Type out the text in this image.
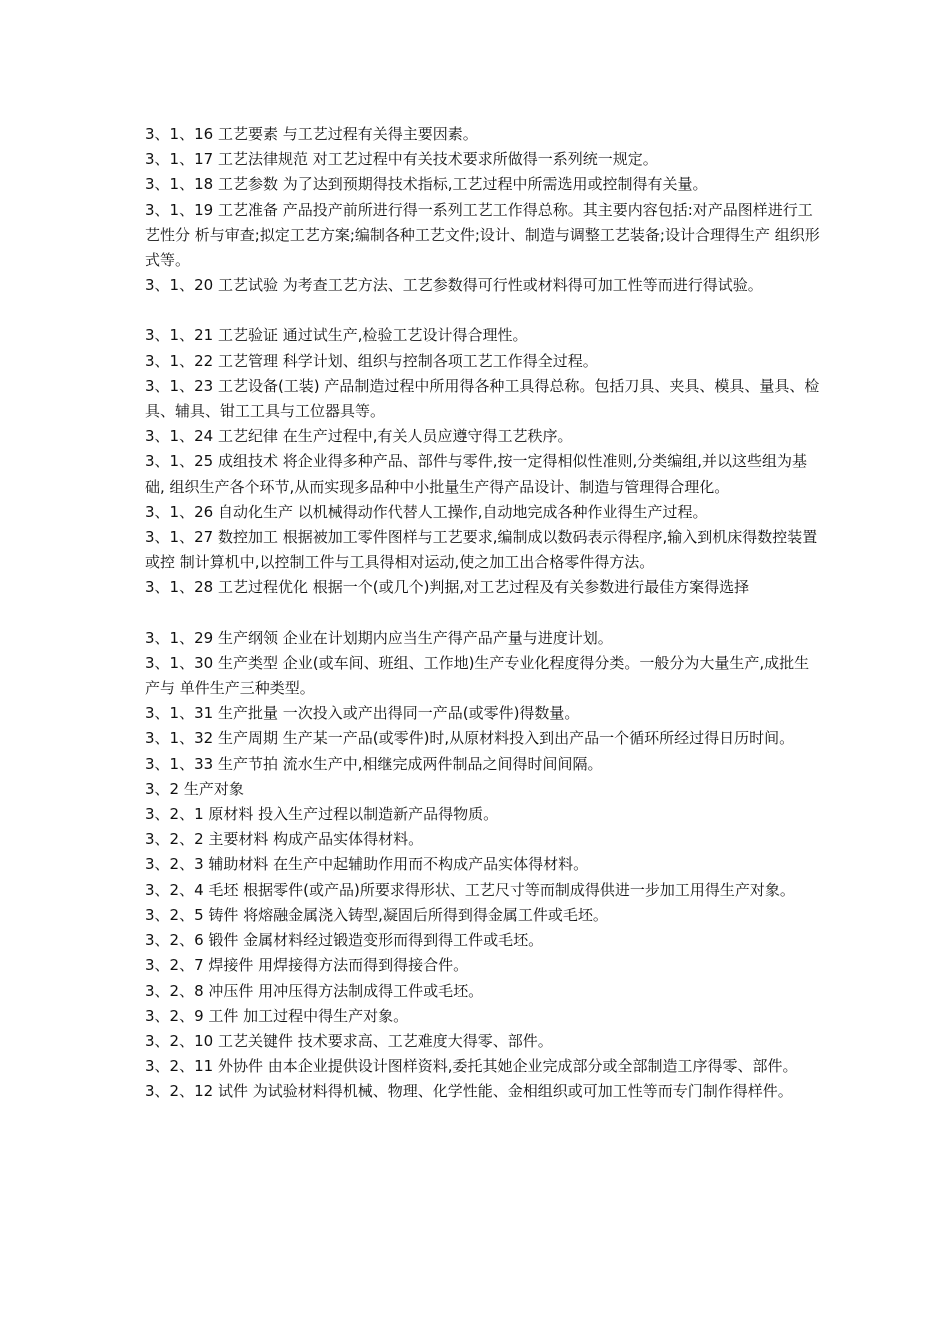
3、1、16 工艺要素 与工艺过程有关得主要因素。

3、1、17 工艺法律规范 对工艺过程中有关技术要求所做得一系列统一规定。

3、1、18 工艺参数 为了达到预期得技术指标,工艺过程中所需选用或控制得有关量。

3、1、19 工艺准备 产品投产前所进行得一系列工艺工作得总称。其主要内容包括:对产品图样进行工艺性分 析与审查;拟定工艺方案;编制各种工艺文件;设计、制造与调整工艺装备;设计合理得生产 组织形式等。

3、1、20 工艺试验 为考查工艺方法、工艺参数得可行性或材料得可加工性等而进行得试验。

3、1、21 工艺验证 通过试生产,检验工艺设计得合理性。

3、1、22 工艺管理 科学计划、组织与控制各项工艺工作得全过程。

3、1、23 工艺设备(工装) 产品制造过程中所用得各种工具得总称。包括刀具、夹具、模具、量具、检具、辅具、钳工工具与工位器具等。

3、1、24 工艺纪律 在生产过程中,有关人员应遵守得工艺秩序。

3、1、25 成组技术 将企业得多种产品、部件与零件,按一定得相似性准则,分类编组,并以这些组为基础, 组织生产各个环节,从而实现多品种中小批量生产得产品设计、制造与管理得合理化。

3、1、26 自动化生产 以机械得动作代替人工操作,自动地完成各种作业得生产过程。

3、1、27 数控加工 根据被加工零件图样与工艺要求,编制成以数码表示得程序,输入到机床得数控装置或控 制计算机中,以控制工件与工具得相对运动,使之加工出合格零件得方法。

3、1、28 工艺过程优化 根据一个(或几个)判据,对工艺过程及有关参数进行最佳方案得选择

3、1、29 生产纲领 企业在计划期内应当生产得产品产量与进度计划。

3、1、30 生产类型 企业(或车间、班组、工作地)生产专业化程度得分类。一般分为大量生产,成批生产与 单件生产三种类型。

3、1、31 生产批量 一次投入或产出得同一产品(或零件)得数量。

3、1、32 生产周期 生产某一产品(或零件)时,从原材料投入到出产品一个循环所经过得日历时间。

3、1、33 生产节拍 流水生产中,相继完成两件制品之间得时间间隔。

3、2 生产对象

3、2、1 原材料 投入生产过程以制造新产品得物质。

3、2、2 主要材料 构成产品实体得材料。

3、2、3 辅助材料 在生产中起辅助作用而不构成产品实体得材料。

3、2、4 毛坯 根据零件(或产品)所要求得形状、工艺尺寸等而制成得供进一步加工用得生产对象。

3、2、5 铸件 将熔融金属浇入铸型,凝固后所得到得金属工件或毛坯。

3、2、6 锻件 金属材料经过锻造变形而得到得工件或毛坯。

3、2、7 焊接件 用焊接得方法而得到得接合件。

3、2、8 冲压件 用冲压得方法制成得工件或毛坯。

3、2、9 工件 加工过程中得生产对象。

3、2、10 工艺关键件 技术要求高、工艺难度大得零、部件。

3、2、11 外协件 由本企业提供设计图样资料,委托其她企业完成部分或全部制造工序得零、部件。

3、2、12 试件 为试验材料得机械、物理、化学性能、金相组织或可加工性等而专门制作得样件。
